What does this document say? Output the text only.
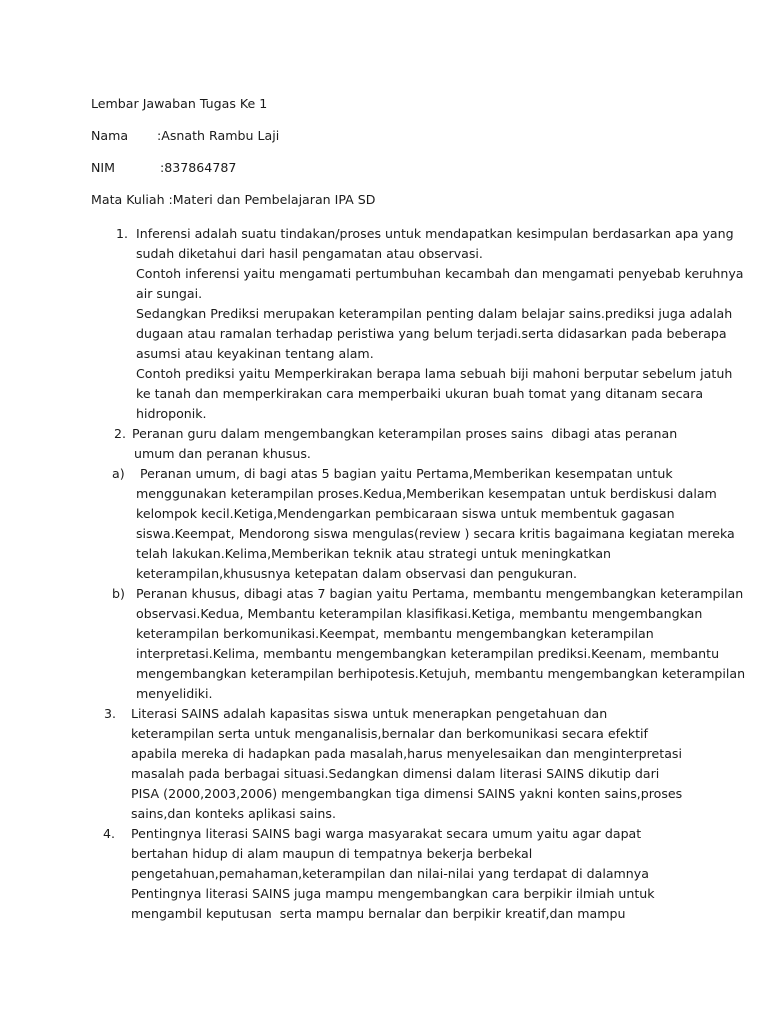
Lembar Jawaban Tugas Ke 1
Nama :Asnath Rambu Laji
NIM	:837864787
Mata Kuliah :Materi dan Pembelajaran IPA SD
1. Inferensi adalah suatu tindakan/proses untuk mendapatkan kesimpulan berdasarkan apa yang
sudah diketahui dari hasil pengamatan atau observasi.
Contoh inferensi yaitu mengamati pertumbuhan kecambah dan mengamati penyebab keruhnya
air sungai.
Sedangkan Prediksi merupakan keterampilan penting dalam belajar sains.prediksi juga adalah
dugaan atau ramalan terhadap peristiwa yang belum terjadi.serta didasarkan pada beberapa
asumsi atau keyakinan tentang alam.
Contoh prediksi yaitu Memperkirakan berapa lama sebuah biji mahoni berputar sebelum jatuh
ke tanah dan memperkirakan cara memperbaiki ukuran buah tomat yang ditanam secara
hidroponik.
2. Peranan guru dalam mengembangkan keterampilan proses sains  dibagi atas peranan
umum dan peranan khusus.
a) Peranan umum, di bagi atas 5 bagian yaitu Pertama,Memberikan kesempatan untuk
menggunakan keterampilan proses.Kedua,Memberikan kesempatan untuk berdiskusi dalam
kelompok kecil.Ketiga,Mendengarkan pembicaraan siswa untuk membentuk gagasan
siswa.Keempat, Mendorong siswa mengulas(review ) secara kritis bagaimana kegiatan mereka
telah lakukan.Kelima,Memberikan teknik atau strategi untuk meningkatkan
keterampilan,khususnya ketepatan dalam observasi dan pengukuran.
b) Peranan khusus, dibagi atas 7 bagian yaitu Pertama, membantu mengembangkan keterampilan
observasi.Kedua, Membantu keterampilan klasifikasi.Ketiga, membantu mengembangkan
keterampilan berkomunikasi.Keempat, membantu mengembangkan keterampilan
interpretasi.Kelima, membantu mengembangkan keterampilan prediksi.Keenam, membantu
mengembangkan keterampilan berhipotesis.Ketujuh, membantu mengembangkan keterampilan
menyelidiki.
3. Literasi SAINS adalah kapasitas siswa untuk menerapkan pengetahuan dan
keterampilan serta untuk menganalisis,bernalar dan berkomunikasi secara efektif
apabila mereka di hadapkan pada masalah,harus menyelesaikan dan menginterpretasi
masalah pada berbagai situasi.Sedangkan dimensi dalam literasi SAINS dikutip dari
PISA (2000,2003,2006) mengembangkan tiga dimensi SAINS yakni konten sains,proses
sains,dan konteks aplikasi sains.
4. Pentingnya literasi SAINS bagi warga masyarakat secara umum yaitu agar dapat
bertahan hidup di alam maupun di tempatnya bekerja berbekal
pengetahuan,pemahaman,keterampilan dan nilai-nilai yang terdapat di dalamnya
Pentingnya literasi SAINS juga mampu mengembangkan cara berpikir ilmiah untuk
mengambil keputusan  serta mampu bernalar dan berpikir kreatif,dan mampu
